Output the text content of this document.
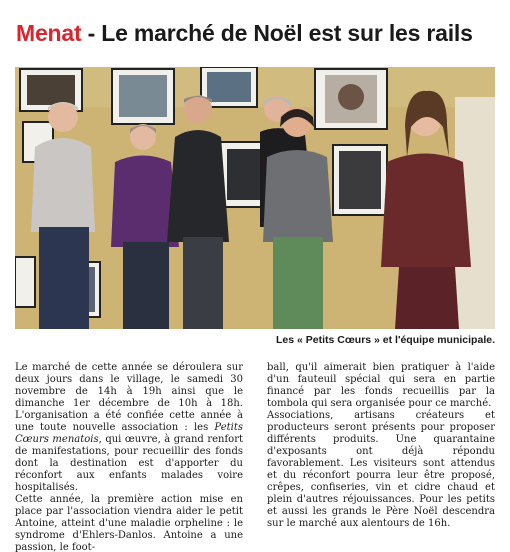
Menat - Le marché de Noël est sur les rails
Les « Petits Cœurs » et l'équipe municipale.

Le marché de cette année se déroulera sur deux jours dans le village, le samedi 30 novembre de 14h à 19h ainsi que le dimanche 1er décembre de 10h à 18h. L'organisation a été confiée cette année à une toute nouvelle association : les Petits Cœurs menatois, qui œuvre, à grand renfort de manifestations, pour recueillir des fonds dont la destination est d'apporter du réconfort aux enfants malades voire hospitalisés.

Cette année, la première action mise en place par l'association viendra aider le petit Antoine, atteint d'une maladie orpheline : le syndrome d'Ehlers-Danlos. Antoine a une passion, le foot-

ball, qu'il aimerait bien pratiquer à l'aide d'un fauteuil spécial qui sera en partie financé par les fonds recueillis par la tombola qui sera organisée pour ce marché.

Associations, artisans créateurs et producteurs seront présents pour proposer différents produits. Une quarantaine d'exposants ont déjà répondu favorablement. Les visiteurs sont attendus et du réconfort pourra leur être proposé, crêpes, confiseries, vin et cidre chaud et plein d'autres réjouissances. Pour les petits et aussi les grands le Père Noël descendra sur le marché aux alentours de 16h.
